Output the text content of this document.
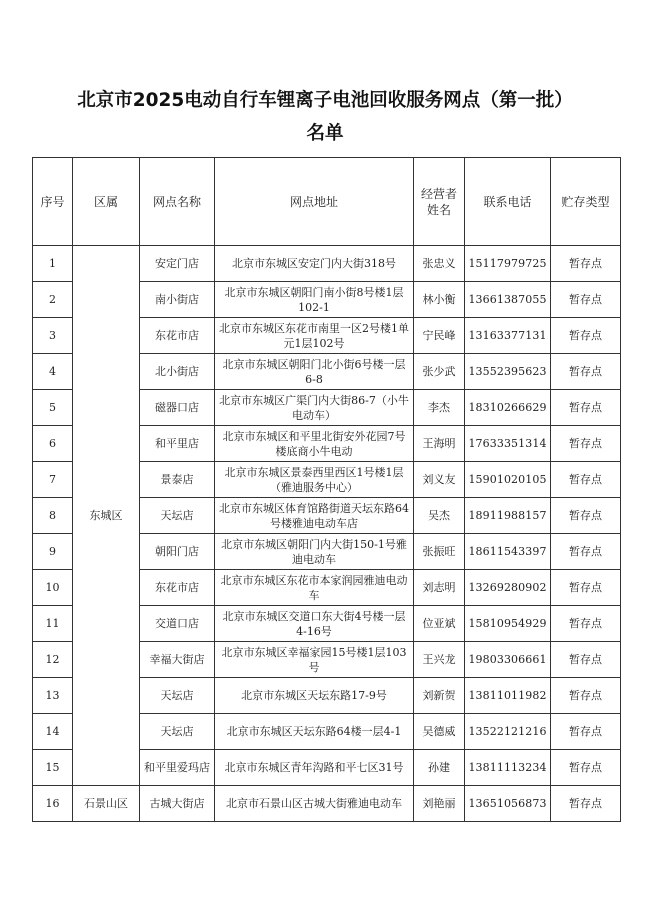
北京市2025电动自行车锂离子电池回收服务网点（第一批）
名单
序号	区属	网点名称	网点地址	经营者姓名	联系电话	贮存类型
1	东城区	安定门店	北京市东城区安定门内大街318号	张忠义	15117979725	暂存点
2		南小街店	北京市东城区朝阳门南小街8号楼1层102-1	林小衡	13661387055	暂存点
3		东花市店	北京市东城区东花市南里一区2号楼1单元1层102号	宁民峰	13163377131	暂存点
4		北小街店	北京市东城区朝阳门北小街6号楼一层6-8	张少武	13552395623	暂存点
5		磁器口店	北京市东城区广渠门内大街86-7（小牛电动车）	李杰	18310266629	暂存点
6		和平里店	北京市东城区和平里北街安外花园7号楼底商小牛电动	王海明	17633351314	暂存点
7		景泰店	北京市东城区景泰西里西区1号楼1层（雅迪服务中心）	刘义友	15901020105	暂存点
8		天坛店	北京市东城区体育馆路街道天坛东路64号楼雅迪电动车店	吴杰	18911988157	暂存点
9		朝阳门店	北京市东城区朝阳门内大街150-1号雅迪电动车	张振旺	18611543397	暂存点
10		东花市店	北京市东城区东花市本家润园雅迪电动车	刘志明	13269280902	暂存点
11		交道口店	北京市东城区交道口东大街4号楼一层4-16号	位亚斌	15810954929	暂存点
12		幸福大街店	北京市东城区幸福家园15号楼1层103号	王兴龙	19803306661	暂存点
13		天坛店	北京市东城区天坛东路17-9号	刘新贺	13811011982	暂存点
14		天坛店	北京市东城区天坛东路64楼一层4-1	吴德威	13522121216	暂存点
15		和平里爱玛店	北京市东城区青年沟路和平七区31号	孙建	13811113234	暂存点
16	石景山区	古城大街店	北京市石景山区古城大街雅迪电动车	刘艳丽	13651056873	暂存点
